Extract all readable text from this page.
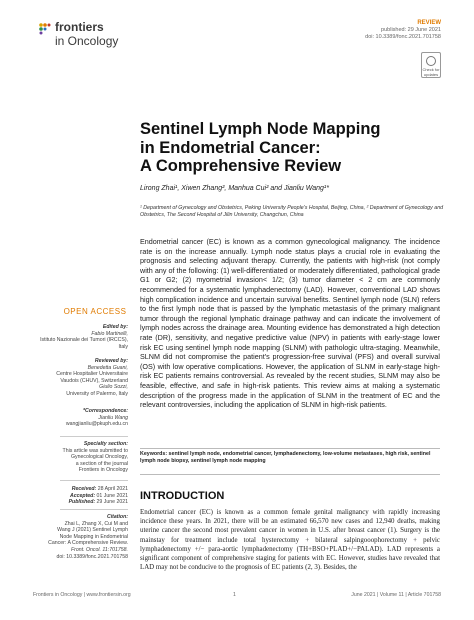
frontiers
in Oncology
REVIEW
published: 29 June 2021
doi: 10.3389/fonc.2021.701758
Check for updates
Sentinel Lymph Node Mapping
in Endometrial Cancer:
A Comprehensive Review
Lirong Zhai¹, Xiwen Zhang², Manhua Cui² and Jianliu Wang¹*
¹ Department of Gynecology and Obstetrics, Peking University People's Hospital, Beijing, China, ² Department of Gynecology and Obstetrics, The Second Hospital of Jilin University, Changchun, China
Endometrial cancer (EC) is known as a common gynecological malignancy. The incidence rate is on the increase annually. Lymph node status plays a crucial role in evaluating the prognosis and selecting adjuvant therapy. Currently, the patients with high-risk (not comply with any of the following: (1) well-differentiated or moderately differentiated, pathological grade G1 or G2; (2) myometrial invasion< 1/2; (3) tumor diameter < 2 cm are commonly recommended for a systematic lymphadenectomy (LAD). However, conventional LAD shows high complication incidence and uncertain survival benefits. Sentinel lymph node (SLN) refers to the first lymph node that is passed by the lymphatic metastasis of the primary malignant tumor through the regional lymphatic drainage pathway and can indicate the involvement of lymph nodes across the drainage area. Mounting evidence has demonstrated a high detection rate (DR), sensitivity, and negative predictive value (NPV) in patients with early-stage lower risk EC using sentinel lymph node mapping (SLNM) with pathologic ultra-staging. Meanwhile, SLNM did not compromise the patient's progression-free survival (PFS) and overall survival (OS) with low operative complications. However, the application of SLNM in early-stage high-risk EC patients remains controversial. As revealed by the recent studies, SLNM may also be feasible, effective, and safe in high-risk patients. This review aims at making a systematic description of the progress made in the application of SLNM in the treatment of EC and the relevant controversies, including the application of SLNM in high-risk patients.
Keywords: sentinel lymph node, endometrial cancer, lymphadenectomy, low-volume metastases, high risk, sentinel lymph node biopsy, sentinel lymph node mapping
INTRODUCTION
Endometrial cancer (EC) is known as a common female genital malignancy with rapidly increasing incidence these years. In 2021, there will be an estimated 66,570 new cases and 12,940 deaths, making uterine cancer the second most prevalent cancer in women in U.S. after breast cancer (1). Surgery is the mainstay for treatment include total hysterectomy + bilateral salpingooophorectomy + pelvic lymphadenectomy +/− para-aortic lymphadenectomy (TH+BSO+PLAD+/−PALAD). LAD represents a significant component of comprehensive staging for patients with EC. However, studies have revealed that LAD may not be conducive to the prognosis of EC patients (2, 3). Besides, the
OPEN ACCESS
Edited by:
Fabio Martinelli,
Istituto Nazionale dei Tumori (IRCCS),
Italy
Reviewed by:
Benedetta Guani,
Centre Hospitalier Universitaire
Vaudois (CHUV), Switzerland
Giulio Sozzi,
University of Palermo, Italy
*Correspondence:
Jianliu Wang
wangjianliu@pkuph.edu.cn
Specialty section:
This article was submitted to
Gynecological Oncology,
a section of the journal
Frontiers in Oncology
Received: 28 April 2021
Accepted: 01 June 2021
Published: 29 June 2021
Citation:
Zhai L, Zhang X, Cui M and
Wang J (2021) Sentinel Lymph
Node Mapping in Endometrial
Cancer: A Comprehensive Review.
Front. Oncol. 11:701758.
doi: 10.3389/fonc.2021.701758
Frontiers in Oncology | www.frontiersin.org	1	June 2021 | Volume 11 | Article 701758
